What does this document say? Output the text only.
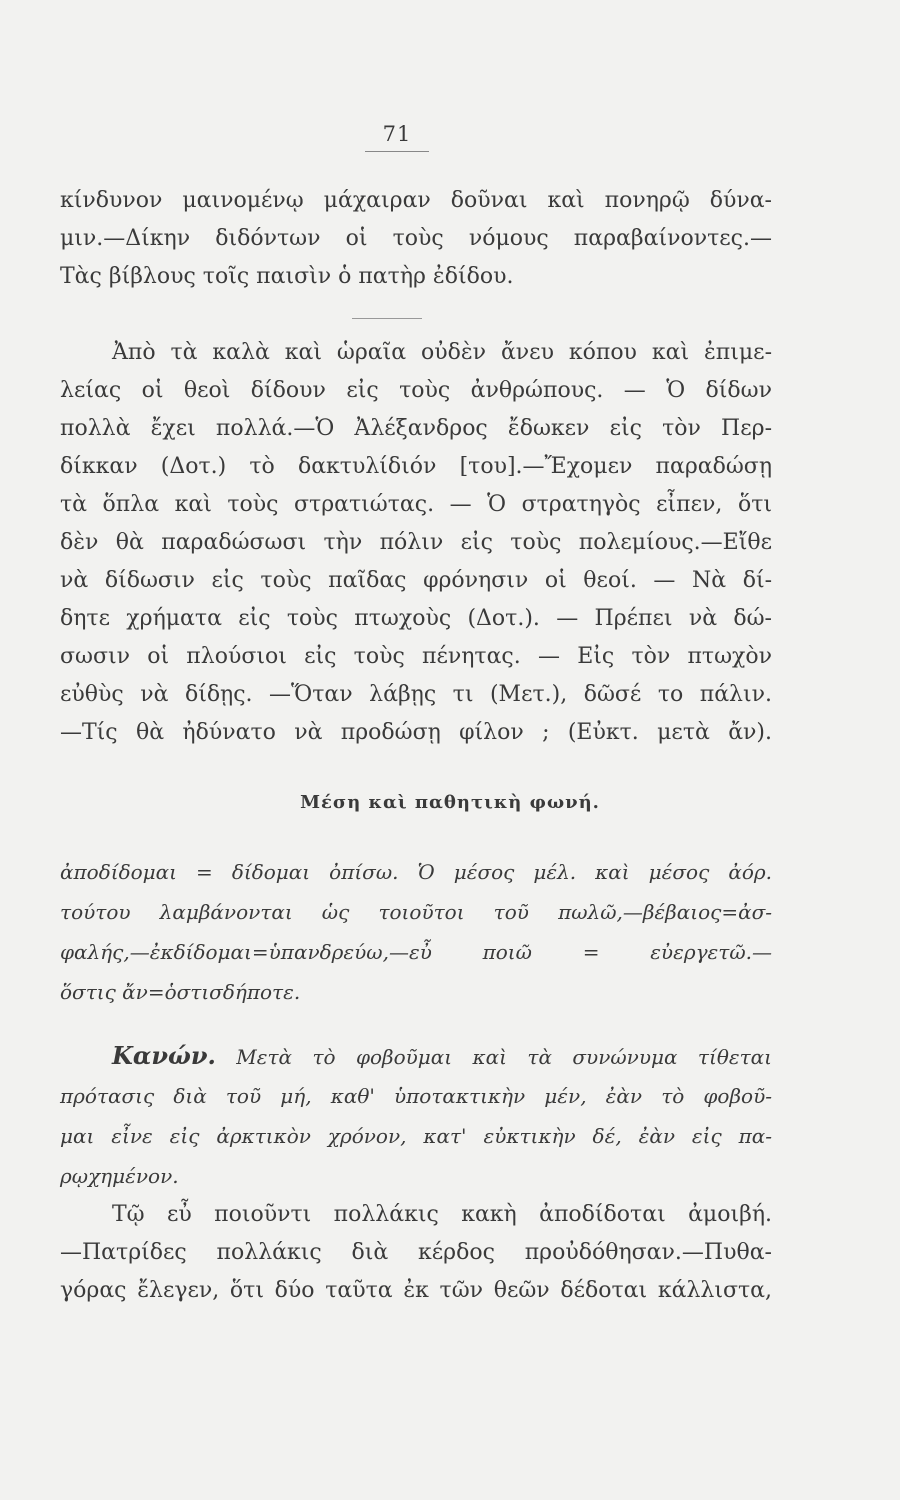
71
κίνδυνον μαινομένῳ μάχαιραν δοῦναι καὶ πονηρῷ δύνα-
μιν.—Δίκην διδόντων οἱ τοὺς νόμους παραβαίνοντες.—
Τὰς βίβλους τοῖς παισὶν ὁ πατὴρ ἐδίδου.
Ἀπὸ τὰ καλὰ καὶ ὡραῖα οὐδὲν ἄνευ κόπου καὶ ἐπιμε-
λείας οἱ θεοὶ δίδουν εἰς τοὺς ἀνθρώπους. — Ὁ δίδων
πολλὰ ἔχει πολλά.—Ὁ Ἀλέξανδρος ἔδωκεν εἰς τὸν Περ-
δίκκαν (Δοτ.) τὸ δακτυλίδιόν [του].—Ἔχομεν παραδώσῃ
τὰ ὅπλα καὶ τοὺς στρατιώτας. — Ὁ στρατηγὸς εἶπεν, ὅτι
δὲν θὰ παραδώσωσι τὴν πόλιν εἰς τοὺς πολεμίους.—Εἴθε
νὰ δίδωσιν εἰς τοὺς παῖδας φρόνησιν οἱ θεοί. — Νὰ δί-
δητε χρήματα εἰς τοὺς πτωχοὺς (Δοτ.). — Πρέπει νὰ δώ-
σωσιν οἱ πλούσιοι εἰς τοὺς πένητας. — Εἰς τὸν πτωχὸν
εὐθὺς νὰ δίδῃς. —Ὅταν λάβῃς τι (Μετ.), δῶσέ το πάλιν.
—Τίς θὰ ἠδύνατο νὰ προδώσῃ φίλον ; (Εὐκτ. μετὰ ἄν).
Μέση καὶ παθητικὴ φωνή.
ἀποδίδομαι = δίδομαι ὀπίσω. Ὁ μέσος μέλ. καὶ μέσος ἀόρ.
τούτου λαμβάνονται ὡς τοιοῦτοι τοῦ πωλῶ,—βέβαιος=ἀσ-
φαλής,—ἐκδίδομαι=ὑπανδρεύω,—εὖ ποιῶ = εὐεργετῶ.—
ὅστις ἄν=ὁστισδήποτε.
Κανών. Μετὰ τὸ φοβοῦμαι καὶ τὰ συνώνυμα τίθεται
πρότασις διὰ τοῦ μή, καθ' ὑποτακτικὴν μέν, ἐὰν τὸ φοβοῦ-
μαι εἶνε εἰς ἀρκτικὸν χρόνον, κατ' εὐκτικὴν δέ, ἐὰν εἰς πα-
ρῳχημένον.
Τῷ εὖ ποιοῦντι πολλάκις κακὴ ἀποδίδοται ἀμοιβή.
—Πατρίδες πολλάκις διὰ κέρδος προὐδόθησαν.—Πυθα-
γόρας ἔλεγεν, ὅτι δύο ταῦτα ἐκ τῶν θεῶν δέδοται κάλλιστα,
